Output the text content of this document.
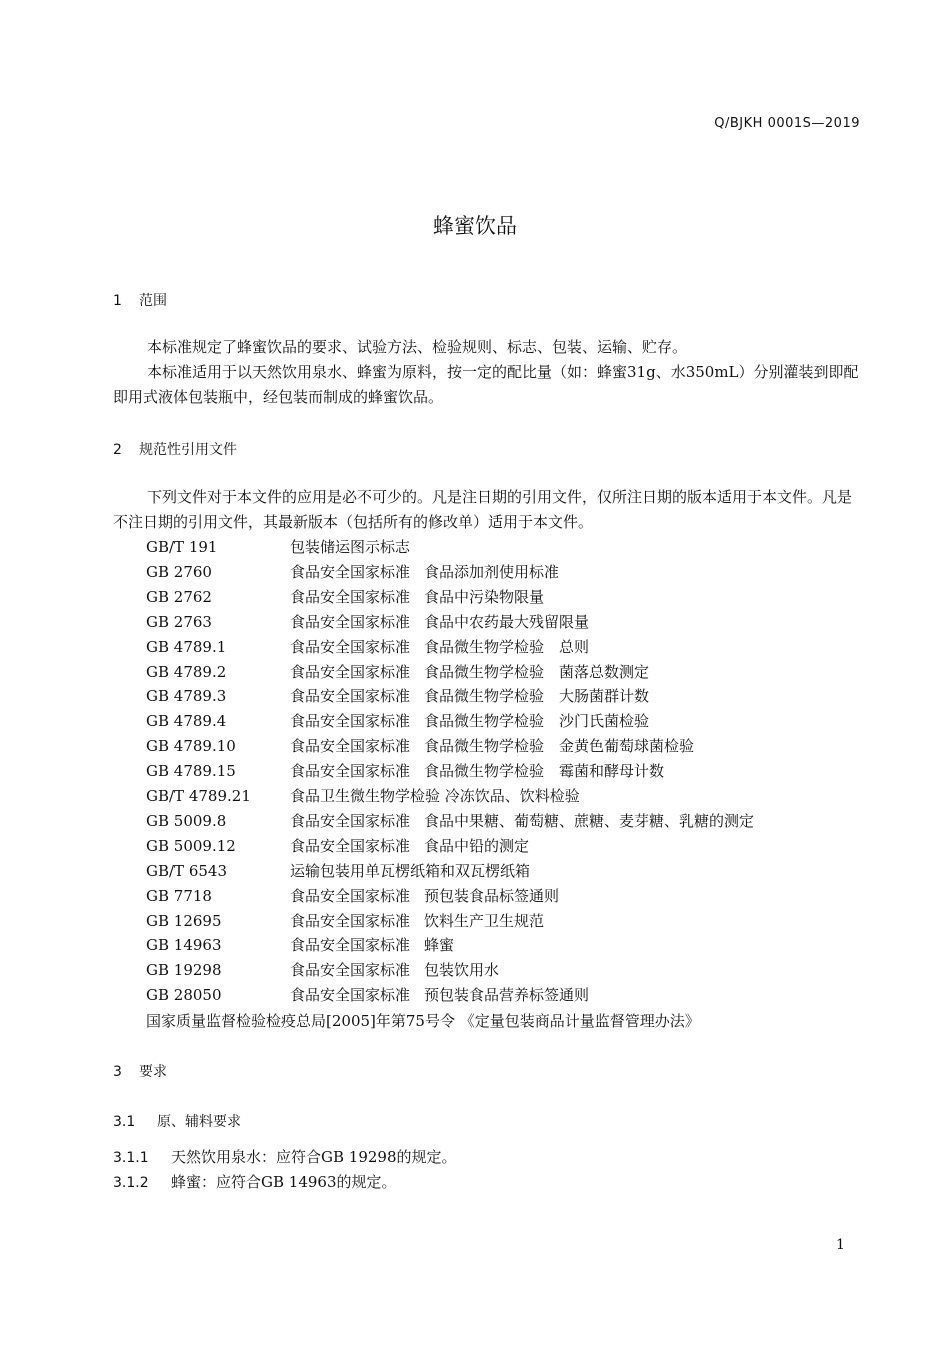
Q/BJKH 0001S—2019
蜂蜜饮品
1 范围
本标准规定了蜂蜜饮品的要求、试验方法、检验规则、标志、包装、运输、贮存。
本标准适用于以天然饮用泉水、蜂蜜为原料，按一定的配比量（如：蜂蜜31g、水350mL）分别灌装到即配即用式液体包装瓶中，经包装而制成的蜂蜜饮品。
2 规范性引用文件
下列文件对于本文件的应用是必不可少的。凡是注日期的引用文件，仅所注日期的版本适用于本文件。凡是不注日期的引用文件，其最新版本（包括所有的修改单）适用于本文件。
GB/T 191	包装储运图示标志
GB 2760	食品安全国家标准 食品添加剂使用标准
GB 2762	食品安全国家标准 食品中污染物限量
GB 2763	食品安全国家标准 食品中农药最大残留限量
GB 4789.1	食品安全国家标准 食品微生物学检验　总则
GB 4789.2	食品安全国家标准 食品微生物学检验　菌落总数测定
GB 4789.3	食品安全国家标准 食品微生物学检验　大肠菌群计数
GB 4789.4	食品安全国家标准 食品微生物学检验　沙门氏菌检验
GB 4789.10	食品安全国家标准 食品微生物学检验　金黄色葡萄球菌检验
GB 4789.15	食品安全国家标准 食品微生物学检验　霉菌和酵母计数
GB/T 4789.21	食品卫生微生物学检验 冷冻饮品、饮料检验
GB 5009.8	食品安全国家标准 食品中果糖、葡萄糖、蔗糖、麦芽糖、乳糖的测定
GB 5009.12	食品安全国家标准 食品中铅的测定
GB/T 6543	运输包装用单瓦楞纸箱和双瓦楞纸箱
GB 7718	食品安全国家标准 预包装食品标签通则
GB 12695	食品安全国家标准 饮料生产卫生规范
GB 14963	食品安全国家标准 蜂蜜
GB 19298	食品安全国家标准 包装饮用水
GB 28050	食品安全国家标准 预包装食品营养标签通则
国家质量监督检验检疫总局[2005]年第75号令 《定量包装商品计量监督管理办法》
3 要求
3.1 原、辅料要求
3.1.1 天然饮用泉水：应符合GB 19298的规定。
3.1.2 蜂蜜：应符合GB 14963的规定。
1
